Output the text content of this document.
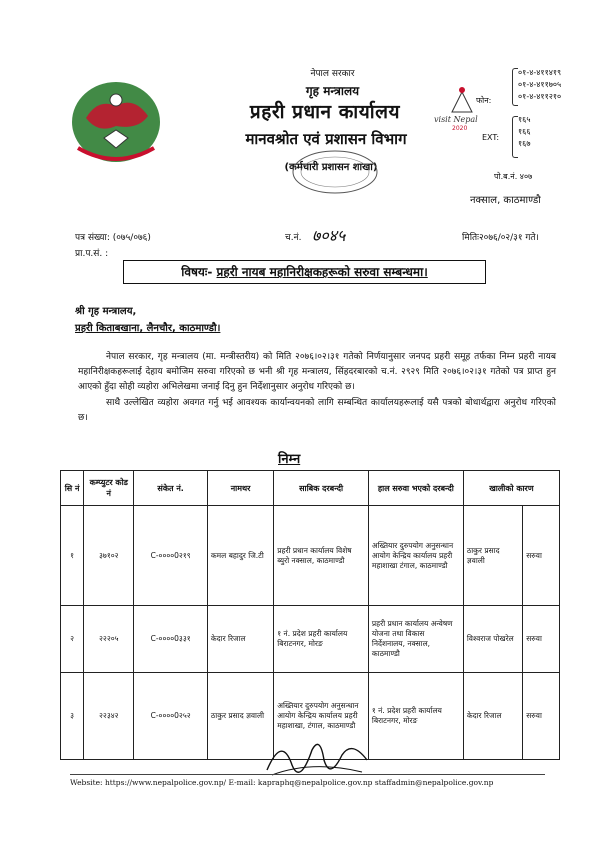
नेपाल सरकार
गृह मन्त्रालय
प्रहरी प्रधान कार्यालय
मानवश्रोत एवं प्रशासन विभाग
(कर्मचारी प्रशासन शाखा)
visit Nepal
2020
फोन:
०१-४-४११४१९
०१-४-४११७०५
०१-४-४११२१०
EXT:
१६५
१६६
१६७
पो.ब.नं. ४०७
नक्साल, काठमाण्डौ
पत्र संख्या: (०७५/०७६)	च.नं. ७०४५	मितिः२०७६/०२/३१ गते।
प्रा.प.सं. :
विषयः- प्रहरी नायब महानिरीक्षकहरूको सरुवा सम्बन्धमा।
श्री गृह मन्त्रालय,
प्रहरी किताबखाना, लैनचौर, काठमाण्डौ।
नेपाल सरकार, गृह मन्त्रालय (मा. मन्त्रीस्तरीय) को मिति २०७६।०२।३१ गतेको निर्णयानुसार जनपद प्रहरी समूह तर्फका निम्न प्रहरी नायब महानिरीक्षकहरूलाई देहाय बमोजिम सरुवा गरिएको छ भनी श्री गृह मन्त्रालय, सिंहदरबारको च.नं. २९२९ मिति २०७६।०२।३१ गतेको पत्र प्राप्त हुन आएको हुँदा सोही व्यहोरा अभिलेखमा जनाई दिनु हुन निर्देशानुसार अनुरोध गरिएको छ।
साथै उल्लेखित व्यहोरा अवगत गर्नु भई आवश्यक कार्यान्वयनको लागि सम्बन्धित कार्यालयहरूलाई यसै पत्रको बोधार्थद्वारा अनुरोध गरिएको छ।
निम्न
सि नं	कम्प्युटर कोड नं	संकेत नं.	नामथर	साबिक दरबन्दी	हाल सरुवा भएको दरबन्दी	खालीको कारण	
१	३७१०२	C-००००0२१९	कमल बहादुर जि.टी	प्रहरी प्रधान कार्यालय विशेष ब्युरो नक्साल, काठमाण्डौ	अख्तियार दुरुपयोग अनुसन्धान आयोग केन्द्रिय कार्यालय प्रहरी महाशाखा टंगाल, काठमाण्डौ	ठाकुर प्रसाद ज्ञवाली	सरुवा
२	२२२०५	C-००००0३३१	केदार रिजाल	१ नं. प्रदेश प्रहरी कार्यालय बिराटनगर, मोरङ	प्रहरी प्रधान कार्यालय अन्वेषण योजना तथा विकास निर्देशनालय, नक्साल, काठमाण्डौ	विश्वराज पोखरेल	सरुवा
३	२२३४२	C-००००0२५२	ठाकुर प्रसाद ज्ञवाली	अख्तियार दुरुपयोग अनुसन्धान आयोग केन्द्रिय कार्यालय प्रहरी महाशाखा, टंगाल, काठमाण्डौ	१ नं. प्रदेश प्रहरी कार्यालय बिराटनगर, मोरङ	केदार रिजाल	सरुवा
Website: https://www.nepalpolice.gov.np/ E-mail: kapraphq@nepalpolice.gov.np staffadmin@nepalpolice.gov.np
